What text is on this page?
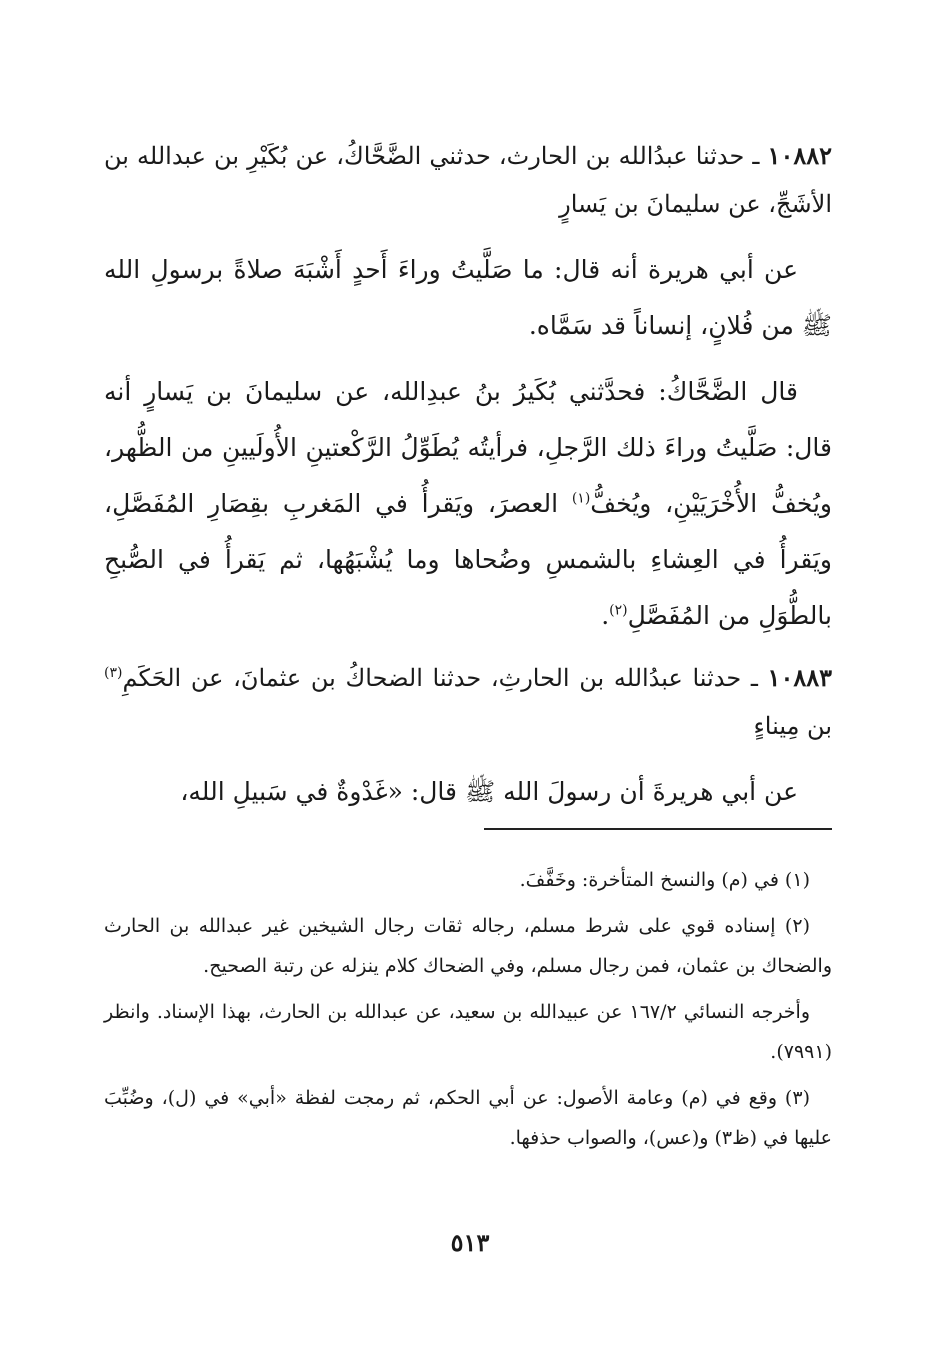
١٠٨٨٢ ـ حدثنا عبدُالله بن الحارث، حدثني الضَّحَّاكُ، عن بُكَيْرِ بن عبدالله بن الأشَجِّ، عن سليمانَ بن يَسارٍ

عن أبي هريرة أنه قال: ما صَلَّيتُ وراءَ أَحدٍ أَشْبَهَ صلاةً برسولِ الله ﷺ من فُلانٍ، إنساناً قد سَمَّاه.

قال الضَّحَّاكُ: فحدَّثني بُكَيرُ بنُ عبدِالله، عن سليمانَ بن يَسارٍ أنه قال: صَلَّيتُ وراءَ ذلك الرَّجلِ، فرأيتُه يُطَوِّلُ الرَّكْعتينِ الأُولَيينِ من الظُّهر، ويُخفُّ الأُخْرَيَيْنِ، ويُخفُّ$^{(١)}$ العصرَ، ويَقرأُ في المَغربِ بقِصَارِ المُفَصَّلِ، ويَقرأُ في العِشاءِ بالشمسِ وضُحاها وما يُشْبَهُها، ثم يَقرأُ في الصُّبحِ بالطُّوَلِ من المُفَصَّلِ$^{(٢)}$.

١٠٨٨٣ ـ حدثنا عبدُالله بن الحارثِ، حدثنا الضحاكُ بن عثمانَ، عن الحَكَمِ$^{(٣)}$ بن مِيناءٍ

عن أبي هريرةَ أن رسولَ الله ﷺ قال: «غَدْوةٌ في سَبيلِ الله،

(١) في (م) والنسخ المتأخرة: وخَفَّفَ.

(٢) إسناده قوي على شرط مسلم، رجاله ثقات رجال الشيخين غير عبدالله بن الحارث والضحاك بن عثمان، فمن رجال مسلم، وفي الضحاك كلام ينزله عن رتبة الصحيح.

وأخرجه النسائي ١٦٧/٢ عن عبيدالله بن سعيد، عن عبدالله بن الحارث، بهذا الإسناد. وانظر (٧٩٩١).

(٣) وقع في (م) وعامة الأصول: عن أبي الحكم، ثم رمجت لفظة «أبي» في (ل)، وضُبِّبَ عليها في (ظ٣) و(عس)، والصواب حذفها.

٥١٣
